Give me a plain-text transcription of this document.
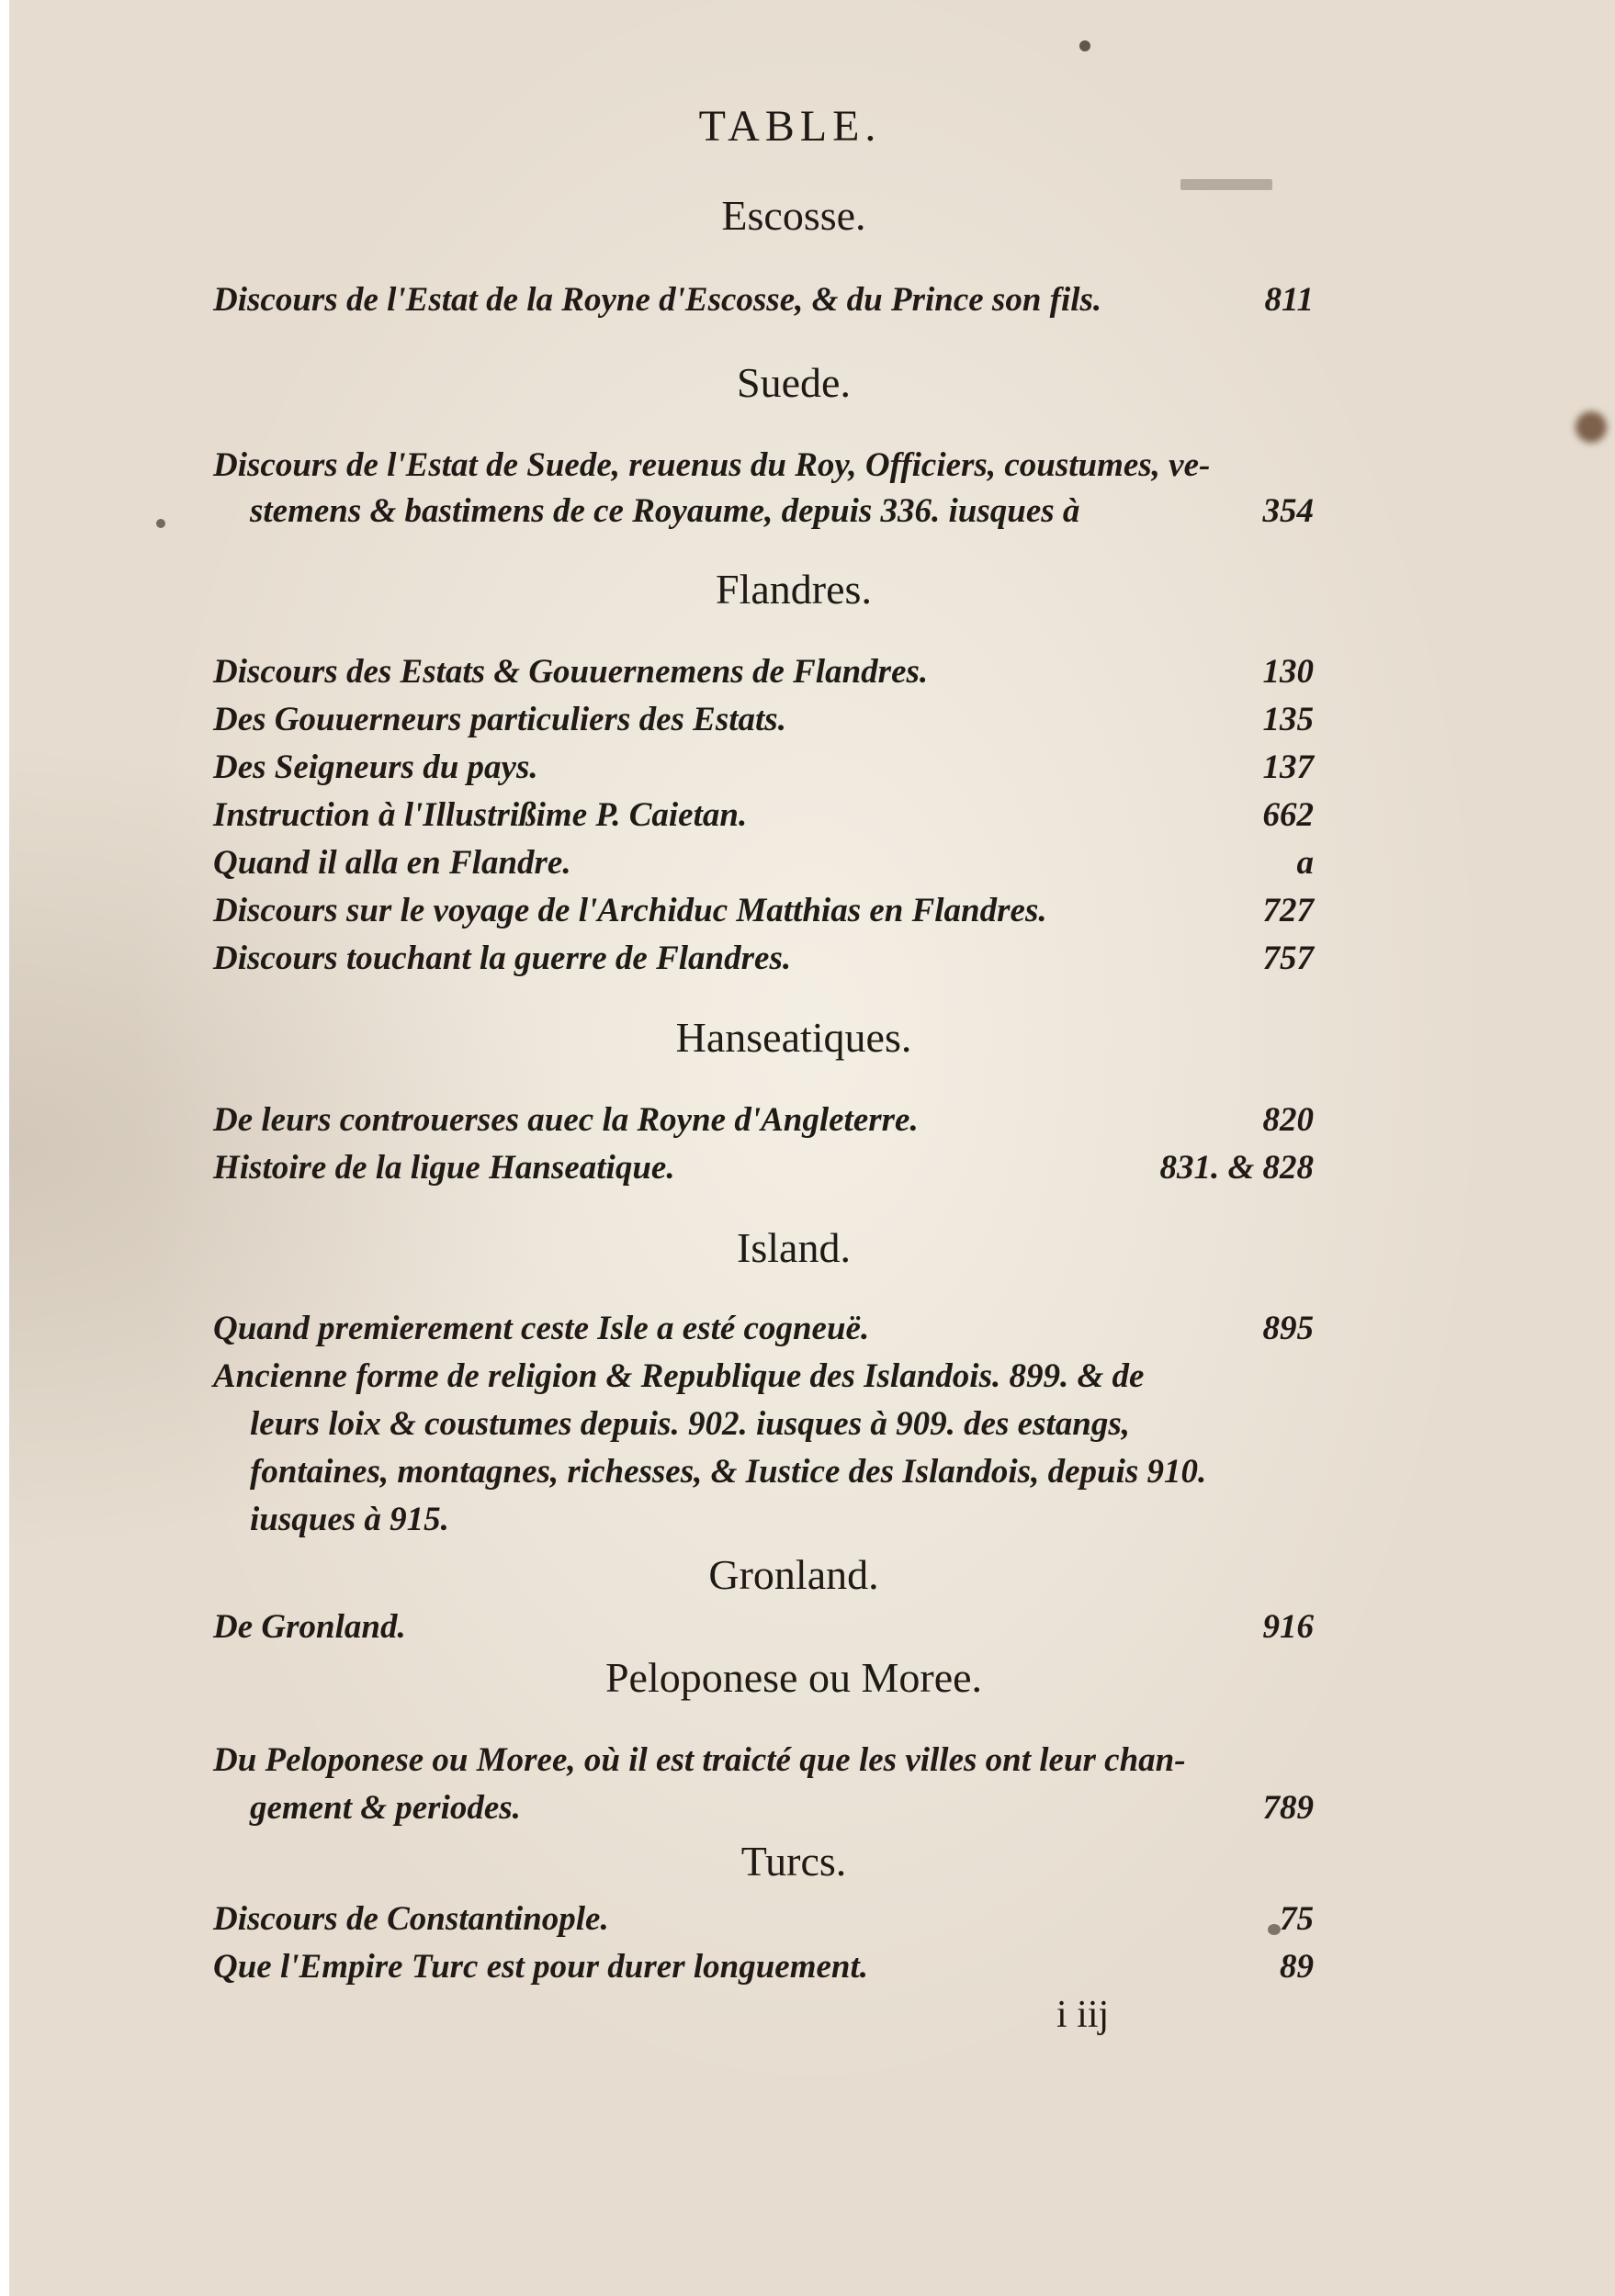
TABLE.
Escosse.
Discours de l'Estat de la Royne d'Escosse, & du Prince son fils.	811
Suede.
Discours de l'Estat de Suede, reuenus du Roy, Officiers, coustumes, ve-
stemens & bastimens de ce Royaume, depuis 336. iusques à	354
Flandres.
Discours des Estats & Gouuernemens de Flandres.	130
Des Gouuerneurs particuliers des Estats.	135
Des Seigneurs du pays.	137
Instruction à l'Illustrißime P. Caietan.	662
Quand il alla en Flandre.	a
Discours sur le voyage de l'Archiduc Matthias en Flandres.	727
Discours touchant la guerre de Flandres.	757
Hanseatiques.
De leurs controuerses auec la Royne d'Angleterre.	820
Histoire de la ligue Hanseatique.	831. & 828
Island.
Quand premierement ceste Isle a esté cogneuë.	895
Ancienne forme de religion & Republique des Islandois. 899. & de
leurs loix & coustumes depuis. 902. iusques à 909. des estangs,
fontaines, montagnes, richesses, & Iustice des Islandois, depuis 910.
iusques à 915.
Gronland.
De Gronland.	916
Peloponese ou Moree.
Du Peloponese ou Moree, où il est traicté que les villes ont leur chan-
gement & periodes.	789
Turcs.
Discours de Constantinople.	75
Que l'Empire Turc est pour durer longuement.	89
i iij
